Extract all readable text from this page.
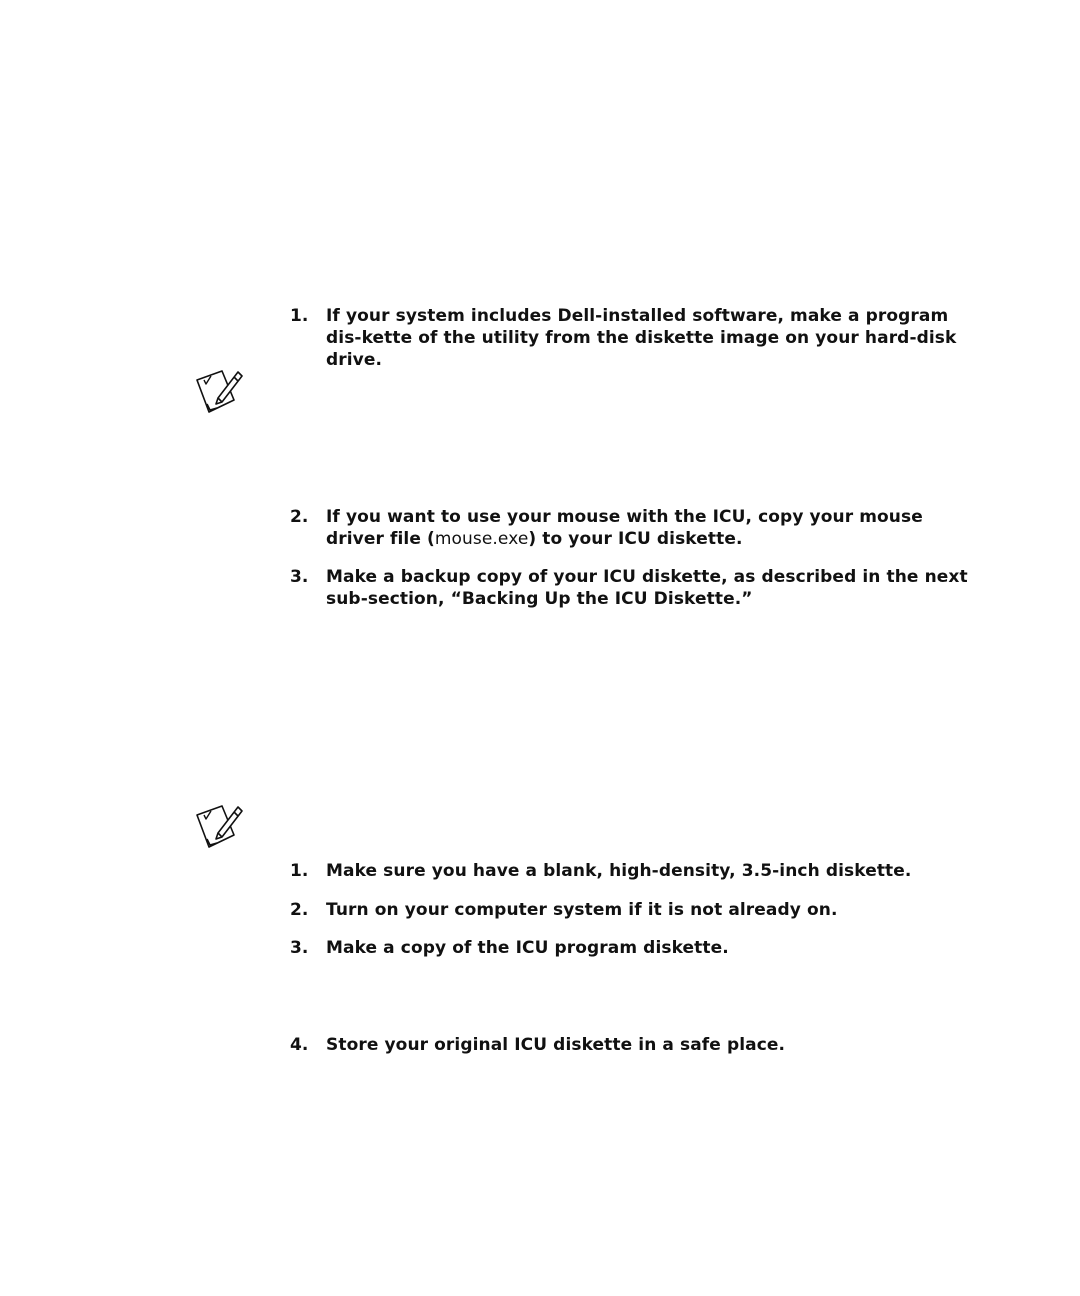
1.	If your system includes Dell-installed software, make a program dis-kette of the utility from the diskette image on your hard-disk drive.
2.	If you want to use your mouse with the ICU, copy your mouse driver file (mouse.exe) to your ICU diskette.
3.	Make a backup copy of your ICU diskette, as described in the next sub-section, “Backing Up the ICU Diskette.”
1.	Make sure you have a blank, high-density, 3.5-inch diskette.
2.	Turn on your computer system if it is not already on.
3.	Make a copy of the ICU program diskette.
4.	Store your original ICU diskette in a safe place.
